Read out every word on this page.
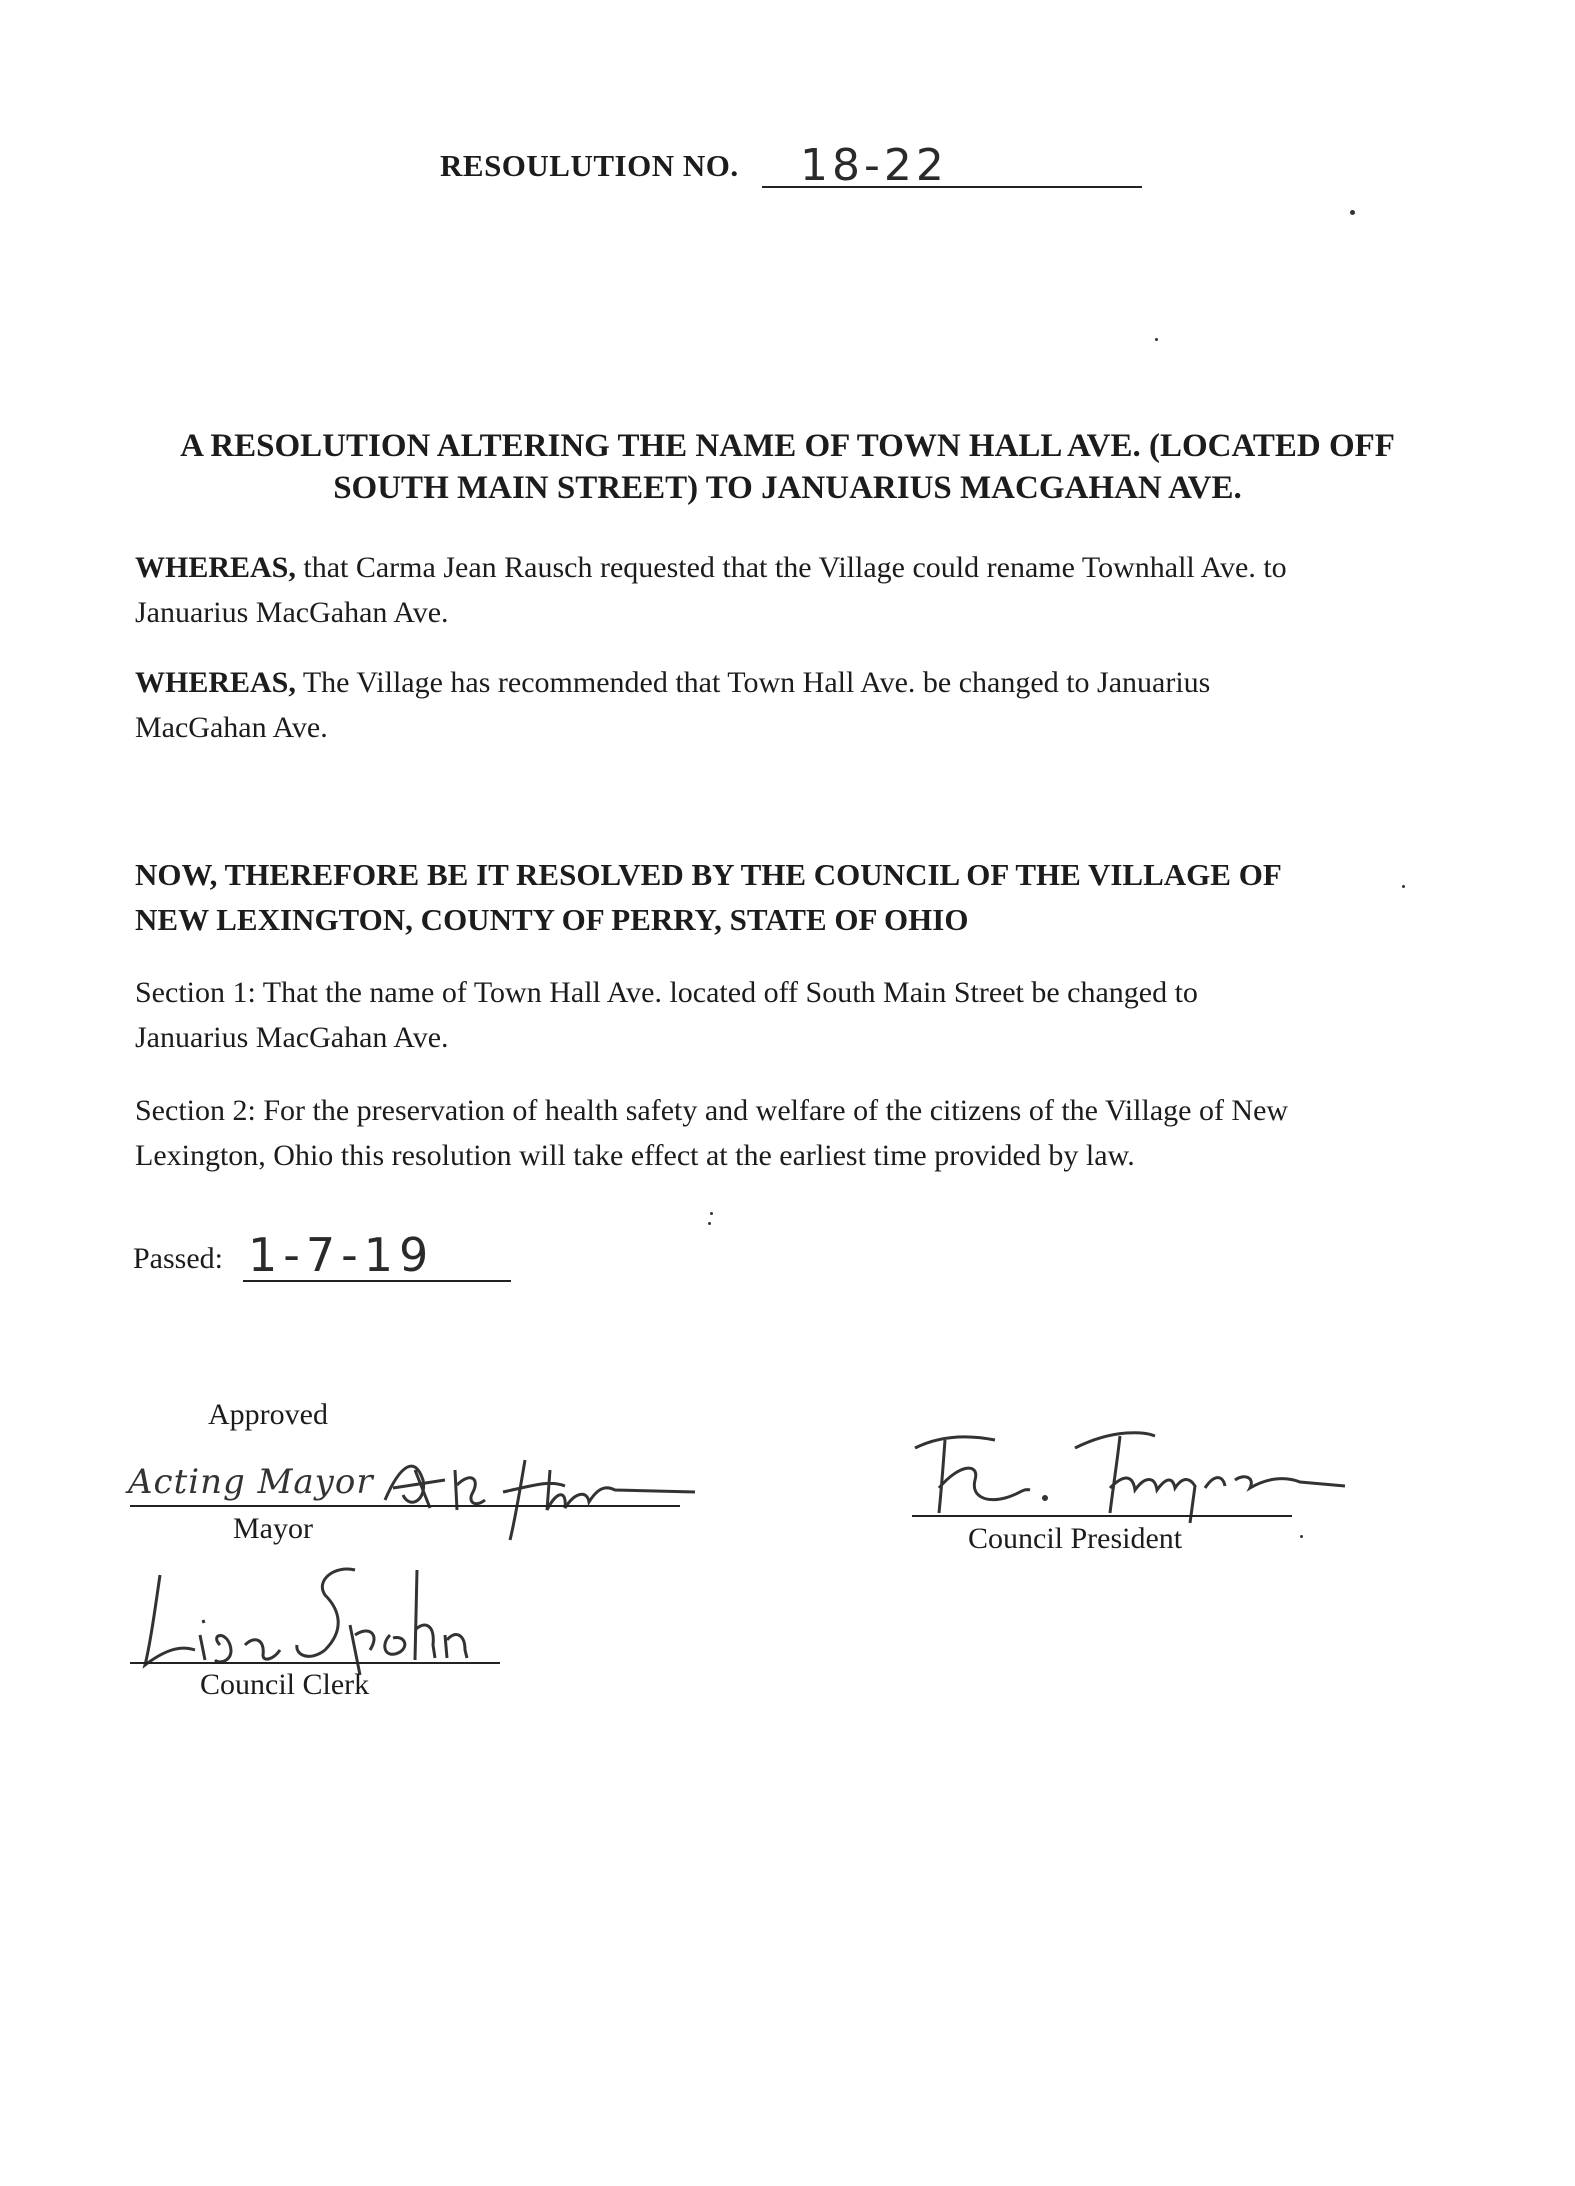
RESOULUTION NO. 18-22
A RESOLUTION ALTERING THE NAME OF TOWN HALL AVE. (LOCATED OFF
SOUTH MAIN STREET) TO JANUARIUS MACGAHAN AVE.
WHEREAS, that Carma Jean Rausch requested that the Village could rename Townhall Ave. to
Januarius MacGahan Ave.
WHEREAS, The Village has recommended that Town Hall Ave. be changed to Januarius
MacGahan Ave.
NOW, THEREFORE BE IT RESOLVED BY THE COUNCIL OF THE VILLAGE OF
NEW LEXINGTON, COUNTY OF PERRY, STATE OF OHIO
Section 1: That the name of Town Hall Ave. located off South Main Street be changed to
Januarius MacGahan Ave.
Section 2: For the preservation of health safety and welfare of the citizens of the Village of New
Lexington, Ohio this resolution will take effect at the earliest time provided by law.
Passed: 1-7-19
Approved
Acting Mayor
Mayor	Council President
Council Clerk
